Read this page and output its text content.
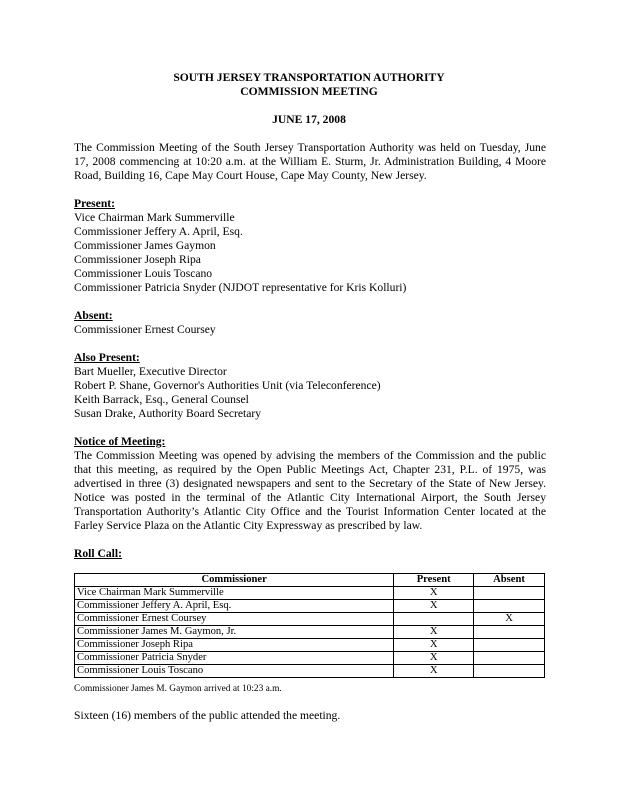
SOUTH JERSEY TRANSPORTATION AUTHORITY
COMMISSION MEETING
JUNE 17, 2008
The Commission Meeting of the South Jersey Transportation Authority was held on Tuesday, June 17, 2008 commencing at 10:20 a.m. at the William E. Sturm, Jr. Administration Building, 4 Moore Road, Building 16, Cape May Court House, Cape May County, New Jersey.
Present:
Vice Chairman Mark Summerville
Commissioner Jeffery A. April, Esq.
Commissioner James Gaymon
Commissioner Joseph Ripa
Commissioner Louis Toscano
Commissioner Patricia Snyder (NJDOT representative for Kris Kolluri)
Absent:
Commissioner Ernest Coursey
Also Present:
Bart Mueller, Executive Director
Robert P. Shane, Governor's Authorities Unit (via Teleconference)
Keith Barrack, Esq., General Counsel
Susan Drake, Authority Board Secretary
Notice of Meeting:
The Commission Meeting was opened by advising the members of the Commission and the public that this meeting, as required by the Open Public Meetings Act, Chapter 231, P.L. of 1975, was advertised in three (3) designated newspapers and sent to the Secretary of the State of New Jersey. Notice was posted in the terminal of the Atlantic City International Airport, the South Jersey Transportation Authority’s Atlantic City Office and the Tourist Information Center located at the Farley Service Plaza on the Atlantic City Expressway as prescribed by law.
Roll Call:
Commissioner	Present	Absent
Vice Chairman Mark Summerville	X	
Commissioner Jeffery A. April, Esq.	X	
Commissioner Ernest Coursey		X
Commissioner James M. Gaymon, Jr.	X	
Commissioner Joseph Ripa	X	
Commissioner Patricia Snyder	X	
Commissioner Louis Toscano	X	
Commissioner James M. Gaymon arrived at 10:23 a.m.
Sixteen (16) members of the public attended the meeting.
